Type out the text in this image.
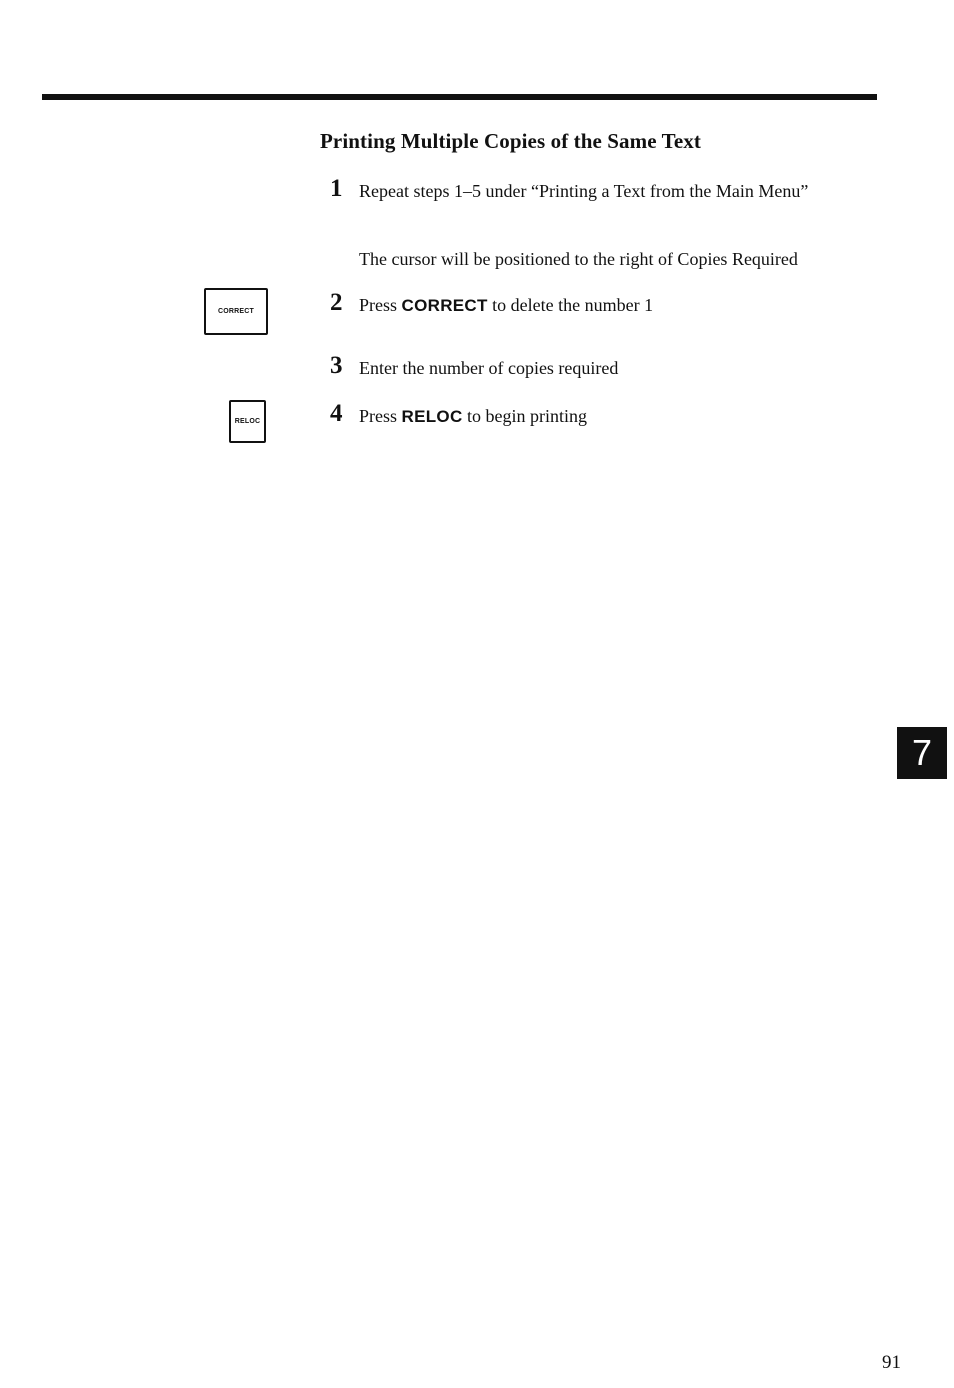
Printing Multiple Copies of the Same Text
1 Repeat steps 1–5 under “Printing a Text from the Main Menu”
The cursor will be positioned to the right of Copies Required
2 Press CORRECT to delete the number 1
3 Enter the number of copies required
4 Press RELOC to begin printing
CORRECT
RELOC
7
91
